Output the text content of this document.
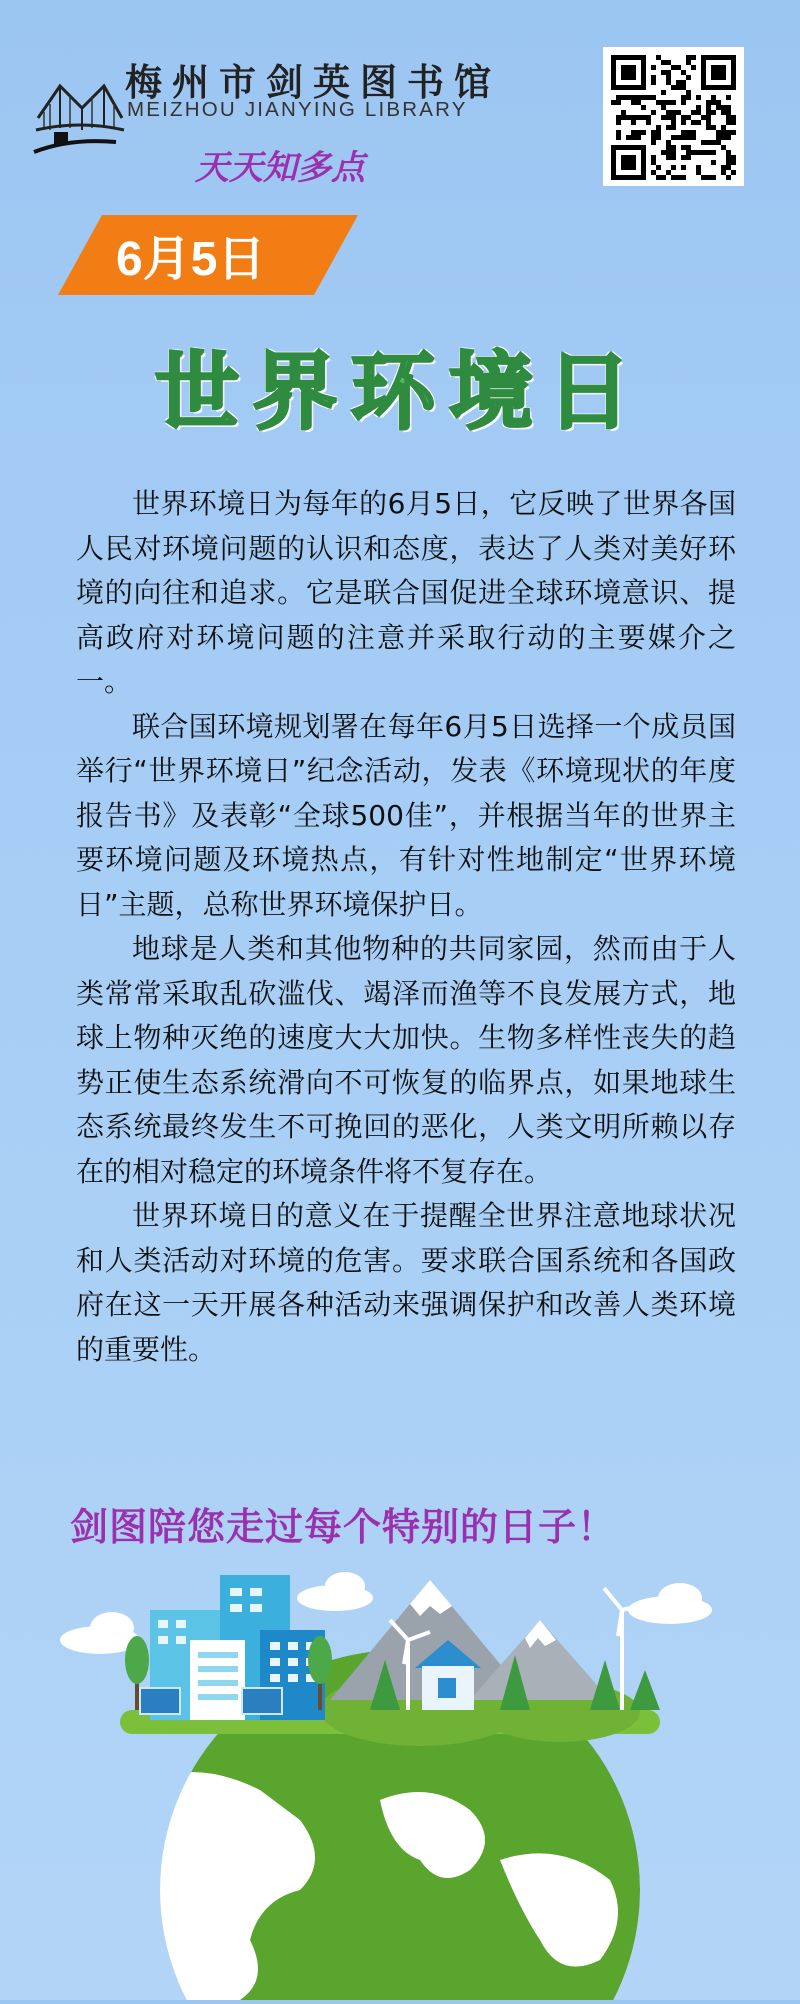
梅州市剑英图书馆
MEIZHOU JIANYING LIBRARY
天天知多点
6月5日
世界环境日

世界环境日为每年的6月5日，它反映了世界各国人民对环境问题的认识和态度，表达了人类对美好环境的向往和追求。它是联合国促进全球环境意识、提高政府对环境问题的注意并采取行动的主要媒介之一。

联合国环境规划署在每年6月5日选择一个成员国举行“世界环境日”纪念活动，发表《环境现状的年度报告书》及表彰“全球500佳”，并根据当年的世界主要环境问题及环境热点，有针对性地制定“世界环境日”主题，总称世界环境保护日。

地球是人类和其他物种的共同家园，然而由于人类常常采取乱砍滥伐、竭泽而渔等不良发展方式，地球上物种灭绝的速度大大加快。生物多样性丧失的趋势正使生态系统滑向不可恢复的临界点，如果地球生态系统最终发生不可挽回的恶化，人类文明所赖以存在的相对稳定的环境条件将不复存在。

世界环境日的意义在于提醒全世界注意地球状况和人类活动对环境的危害。要求联合国系统和各国政府在这一天开展各种活动来强调保护和改善人类环境的重要性。

剑图陪您走过每个特别的日子！
